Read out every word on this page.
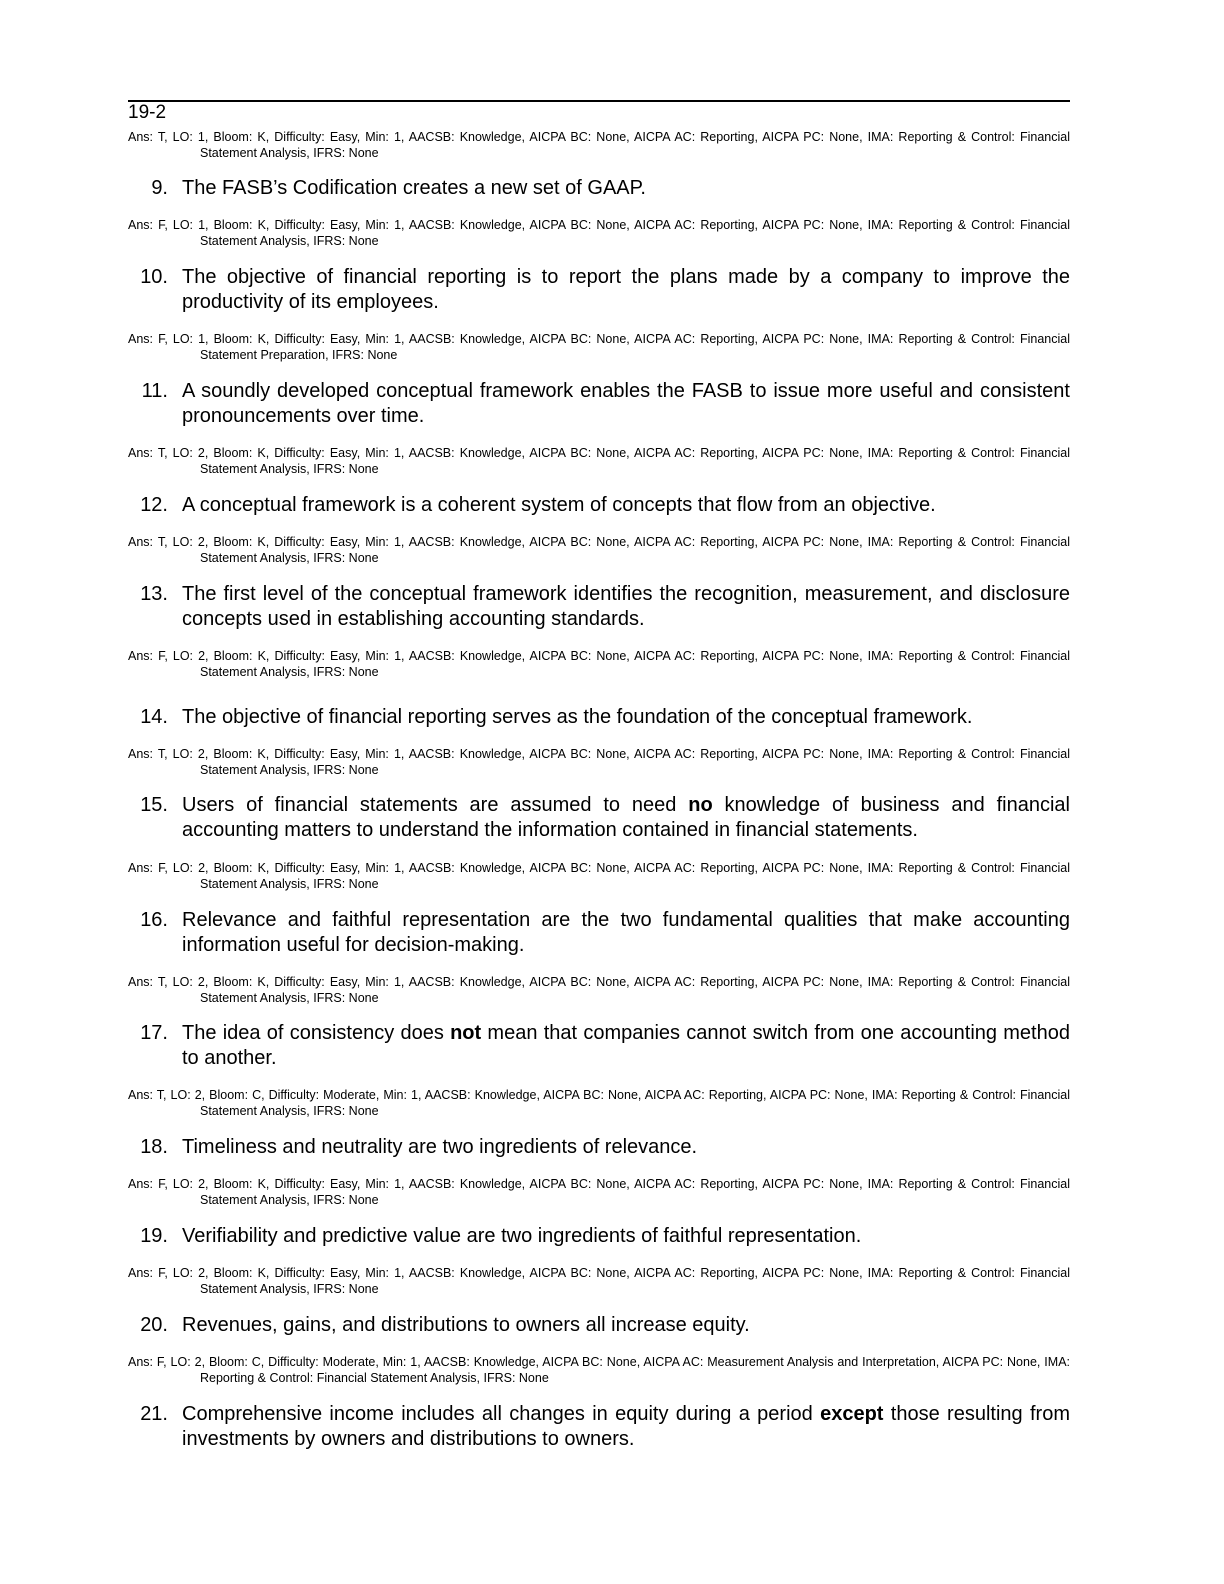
19-2
Ans: T, LO: 1, Bloom: K, Difficulty: Easy, Min: 1, AACSB: Knowledge, AICPA BC: None, AICPA AC: Reporting, AICPA PC: None, IMA: Reporting & Control: Financial Statement Analysis, IFRS: None
9. The FASB’s Codification creates a new set of GAAP.
Ans: F, LO: 1, Bloom: K, Difficulty: Easy, Min: 1, AACSB: Knowledge, AICPA BC: None, AICPA AC: Reporting, AICPA PC: None, IMA: Reporting & Control: Financial Statement Analysis, IFRS: None
10. The objective of financial reporting is to report the plans made by a company to improve the productivity of its employees.
Ans: F, LO: 1, Bloom: K, Difficulty: Easy, Min: 1, AACSB: Knowledge, AICPA BC: None, AICPA AC: Reporting, AICPA PC: None, IMA: Reporting & Control: Financial Statement Preparation, IFRS: None
11. A soundly developed conceptual framework enables the FASB to issue more useful and consistent pronouncements over time.
Ans: T, LO: 2, Bloom: K, Difficulty: Easy, Min: 1, AACSB: Knowledge, AICPA BC: None, AICPA AC: Reporting, AICPA PC: None, IMA: Reporting & Control: Financial Statement Analysis, IFRS: None
12. A conceptual framework is a coherent system of concepts that flow from an objective.
Ans: T, LO: 2, Bloom: K, Difficulty: Easy, Min: 1, AACSB: Knowledge, AICPA BC: None, AICPA AC: Reporting, AICPA PC: None, IMA: Reporting & Control: Financial Statement Analysis, IFRS: None
13. The first level of the conceptual framework identifies the recognition, measurement, and disclosure concepts used in establishing accounting standards.
Ans: F, LO: 2, Bloom: K, Difficulty: Easy, Min: 1, AACSB: Knowledge, AICPA BC: None, AICPA AC: Reporting, AICPA PC: None, IMA: Reporting & Control: Financial Statement Analysis, IFRS: None
14. The objective of financial reporting serves as the foundation of the conceptual framework.
Ans: T, LO: 2, Bloom: K, Difficulty: Easy, Min: 1, AACSB: Knowledge, AICPA BC: None, AICPA AC: Reporting, AICPA PC: None, IMA: Reporting & Control: Financial Statement Analysis, IFRS: None
15. Users of financial statements are assumed to need no knowledge of business and financial accounting matters to understand the information contained in financial statements.
Ans: F, LO: 2, Bloom: K, Difficulty: Easy, Min: 1, AACSB: Knowledge, AICPA BC: None, AICPA AC: Reporting, AICPA PC: None, IMA: Reporting & Control: Financial Statement Analysis, IFRS: None
16. Relevance and faithful representation are the two fundamental qualities that make accounting information useful for decision-making.
Ans: T, LO: 2, Bloom: K, Difficulty: Easy, Min: 1, AACSB: Knowledge, AICPA BC: None, AICPA AC: Reporting, AICPA PC: None, IMA: Reporting & Control: Financial Statement Analysis, IFRS: None
17. The idea of consistency does not mean that companies cannot switch from one accounting method to another.
Ans: T, LO: 2, Bloom: C, Difficulty: Moderate, Min: 1, AACSB: Knowledge, AICPA BC: None, AICPA AC: Reporting, AICPA PC: None, IMA: Reporting & Control: Financial Statement Analysis, IFRS: None
18. Timeliness and neutrality are two ingredients of relevance.
Ans: F, LO: 2, Bloom: K, Difficulty: Easy, Min: 1, AACSB: Knowledge, AICPA BC: None, AICPA AC: Reporting, AICPA PC: None, IMA: Reporting & Control: Financial Statement Analysis, IFRS: None
19. Verifiability and predictive value are two ingredients of faithful representation.
Ans: F, LO: 2, Bloom: K, Difficulty: Easy, Min: 1, AACSB: Knowledge, AICPA BC: None, AICPA AC: Reporting, AICPA PC: None, IMA: Reporting & Control: Financial Statement Analysis, IFRS: None
20. Revenues, gains, and distributions to owners all increase equity.
Ans: F, LO: 2, Bloom: C, Difficulty: Moderate, Min: 1, AACSB: Knowledge, AICPA BC: None, AICPA AC: Measurement Analysis and Interpretation, AICPA PC: None, IMA: Reporting & Control: Financial Statement Analysis, IFRS: None
21. Comprehensive income includes all changes in equity during a period except those resulting from investments by owners and distributions to owners.
